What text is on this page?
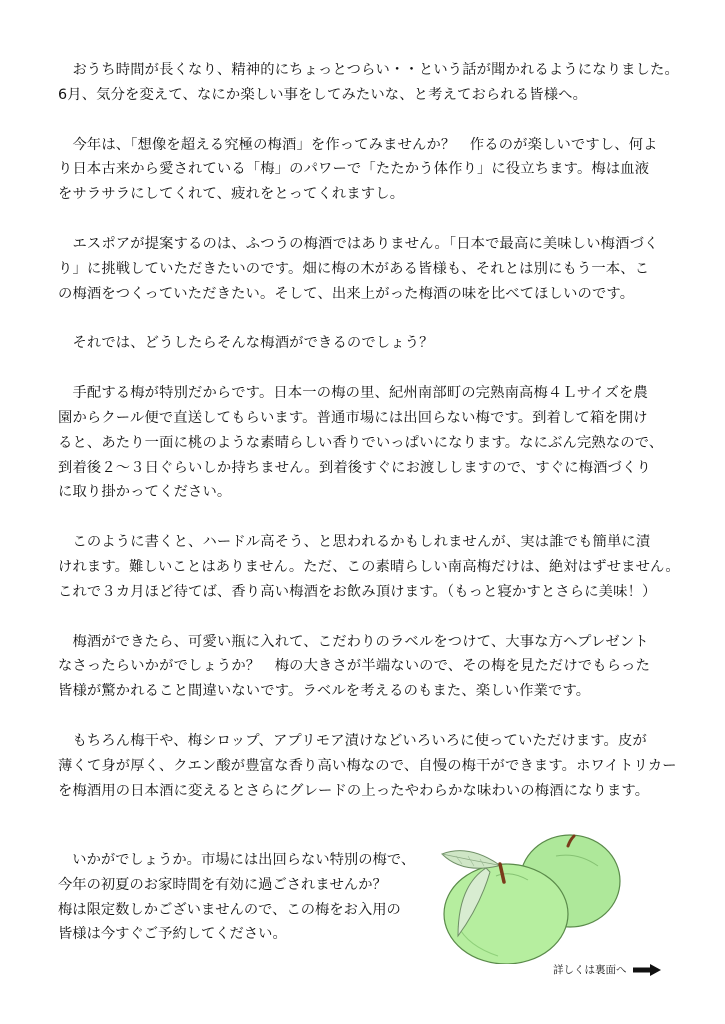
　おうち時間が長くなり、精神的にちょっとつらい・・という話が聞かれるようになりました。
6月、気分を変えて、なにか楽しい事をしてみたいな、と考えておられる皆様へ。

　今年は、「想像を超える究極の梅酒」を作ってみませんか？　作るのが楽しいですし、何よ
り日本古来から愛されている「梅」のパワーで「たたかう体作り」に役立ちます。梅は血液
をサラサラにしてくれて、疲れをとってくれますし。

　エスポアが提案するのは、ふつうの梅酒ではありません。「日本で最高に美味しい梅酒づく
り」に挑戦していただきたいのです。畑に梅の木がある皆様も、それとは別にもう一本、こ
の梅酒をつくっていただきたい。そして、出来上がった梅酒の味を比べてほしいのです。

　それでは、どうしたらそんな梅酒ができるのでしょう？

　手配する梅が特別だからです。日本一の梅の里、紀州南部町の完熟南高梅４Ｌサイズを農
園からクール便で直送してもらいます。普通市場には出回らない梅です。到着して箱を開け
ると、あたり一面に桃のような素晴らしい香りでいっぱいになります。なにぶん完熟なので、
到着後２～３日ぐらいしか持ちません。到着後すぐにお渡ししますので、すぐに梅酒づくり
に取り掛かってください。

　このように書くと、ハードル高そう、と思われるかもしれませんが、実は誰でも簡単に漬
けれます。難しいことはありません。ただ、この素晴らしい南高梅だけは、絶対はずせません。
これで３カ月ほど待てば、香り高い梅酒をお飲み頂けます。（もっと寝かすとさらに美味！）

　梅酒ができたら、可愛い瓶に入れて、こだわりのラベルをつけて、大事な方へプレゼント
なさったらいかがでしょうか？　梅の大きさが半端ないので、その梅を見ただけでもらった
皆様が驚かれること間違いないです。ラベルを考えるのもまた、楽しい作業です。

　もちろん梅干や、梅シロップ、アプリモア漬けなどいろいろに使っていただけます。皮が
薄くて身が厚く、クエン酸が豊富な香り高い梅なので、自慢の梅干ができます。ホワイトリカー
を梅酒用の日本酒に変えるとさらにグレードの上ったやわらかな味わいの梅酒になります。

　いかがでしょうか。市場には出回らない特別の梅で、
今年の初夏のお家時間を有効に過ごされませんか？
梅は限定数しかございませんので、この梅をお入用の
皆様は今すぐご予約してください。
詳しくは裏面へ
